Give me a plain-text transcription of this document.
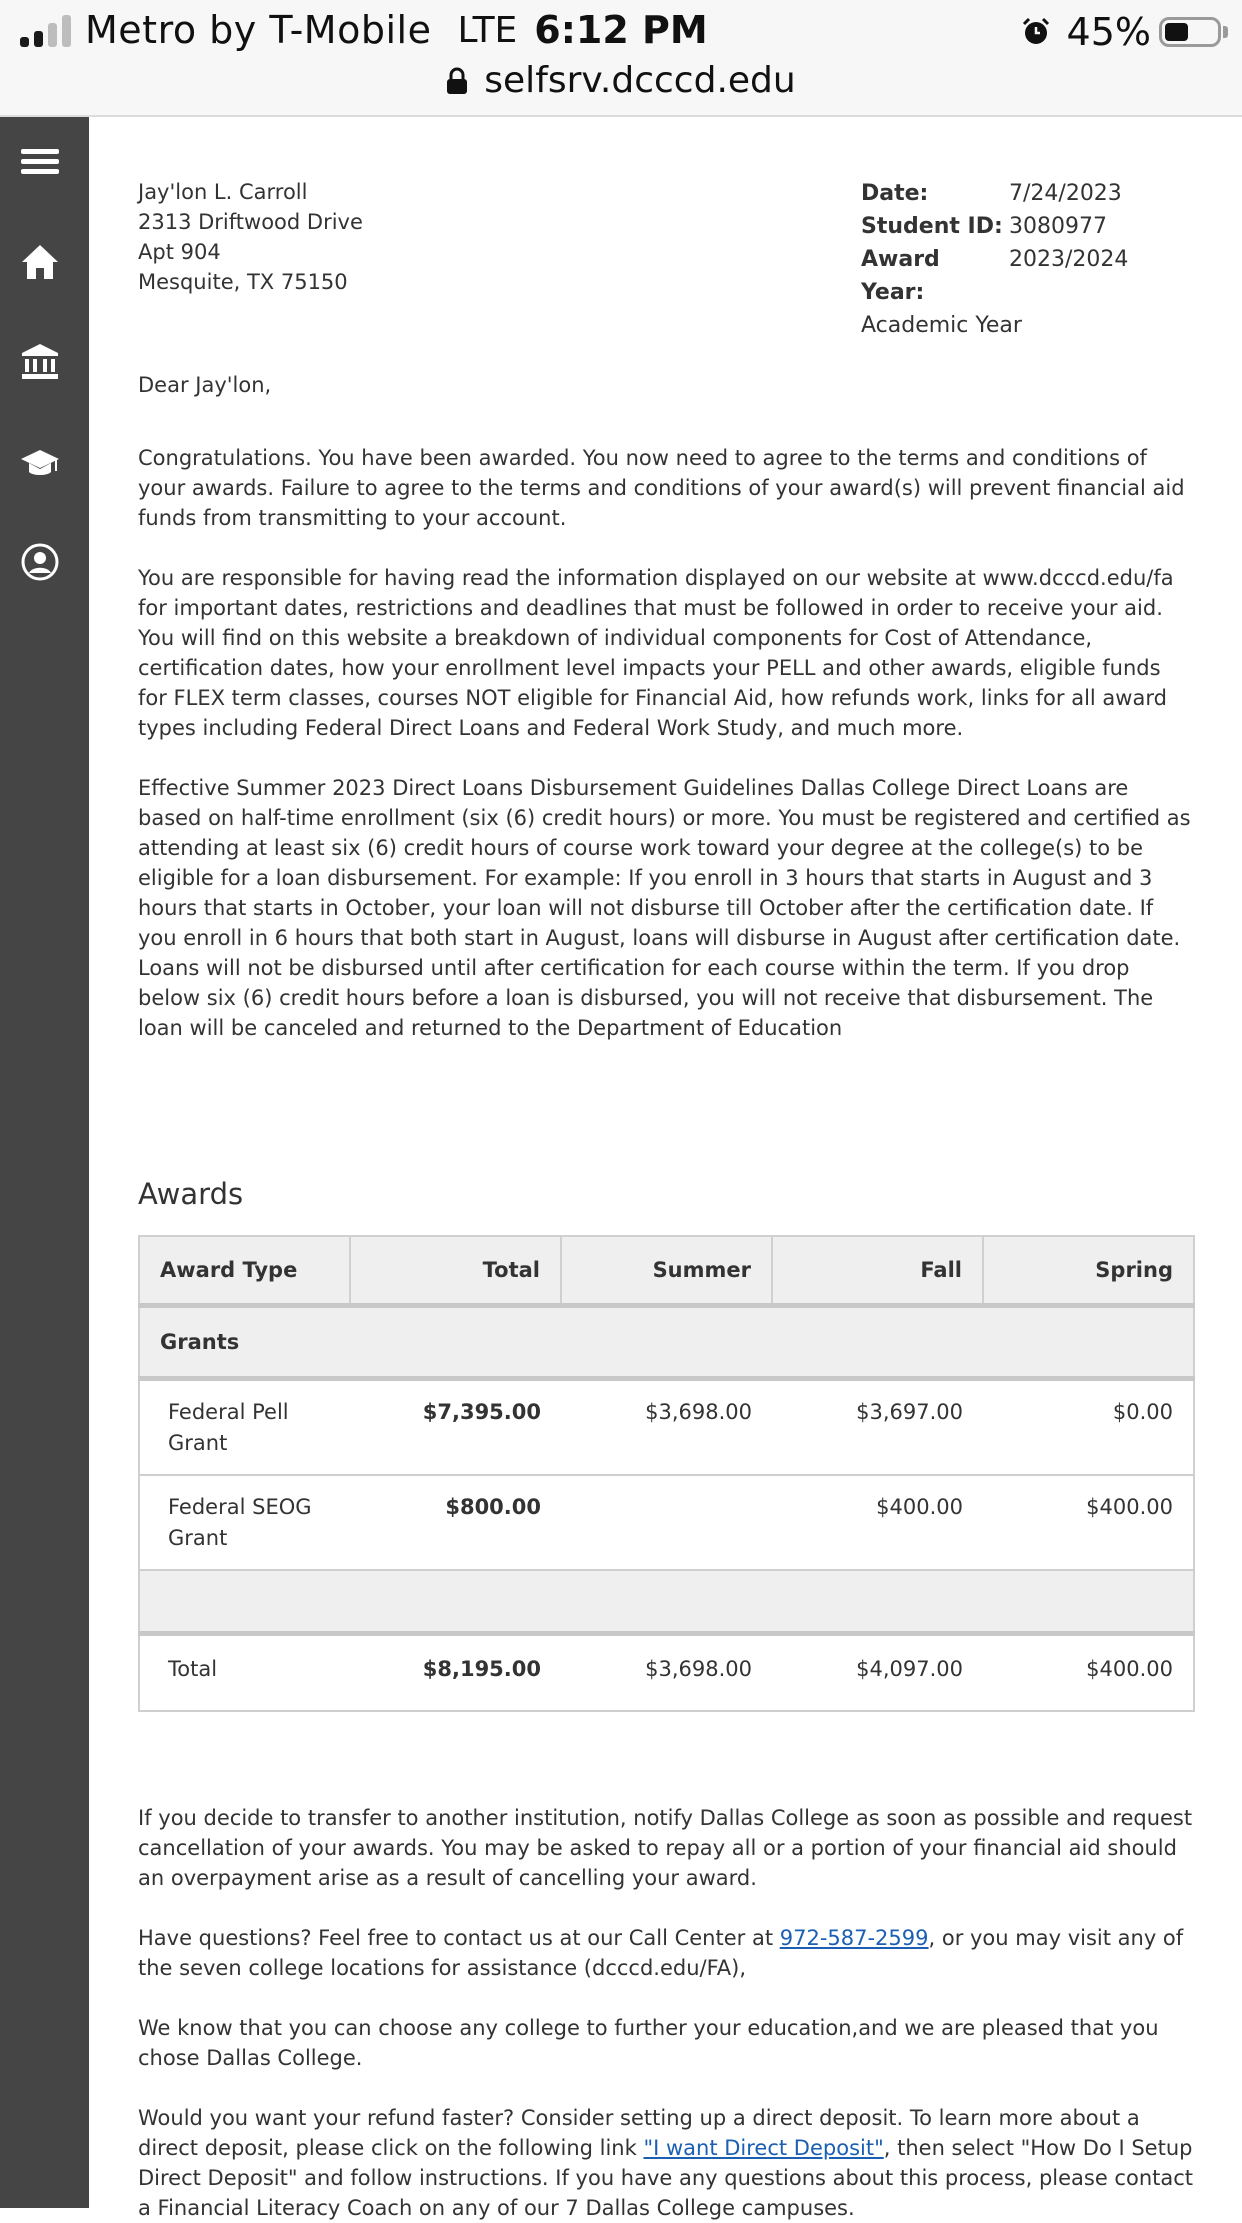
Metro by T-Mobile LTE 6:12 PM	45%
selfsrv.dcccd.edu
Jay'lon L. Carroll
2313 Driftwood Drive
Apt 904
Mesquite, TX 75150
Date:	7/24/2023
Student ID: 3080977
Award Year:
2023/2024
Academic Year
Dear Jay'lon,

Congratulations. You have been awarded. You now need to agree to the terms and conditions of your awards. Failure to agree to the terms and conditions of your award(s) will prevent financial aid funds from transmitting to your account.

You are responsible for having read the information displayed on our website at www.dcccd.edu/fa for important dates, restrictions and deadlines that must be followed in order to receive your aid. You will find on this website a breakdown of individual components for Cost of Attendance, certification dates, how your enrollment level impacts your PELL and other awards, eligible funds for FLEX term classes, courses NOT eligible for Financial Aid, how refunds work, links for all award types including Federal Direct Loans and Federal Work Study, and much more.

Effective Summer 2023 Direct Loans Disbursement Guidelines Dallas College Direct Loans are based on half-time enrollment (six (6) credit hours) or more. You must be registered and certified as attending at least six (6) credit hours of course work toward your degree at the college(s) to be eligible for a loan disbursement. For example: If you enroll in 3 hours that starts in August and 3 hours that starts in October, your loan will not disburse till October after the certification date. If you enroll in 6 hours that both start in August, loans will disburse in August after certification date. Loans will not be disbursed until after certification for each course within the term. If you drop below six (6) credit hours before a loan is disbursed, you will not receive that disbursement. The loan will be canceled and returned to the Department of Education

Awards
Award Type	Total	Summer	Fall	Spring
Grants				
Federal Pell Grant	$7,395.00	$3,698.00	$3,697.00	$0.00
Federal SEOG Grant	$800.00		$400.00	$400.00

Total	$8,195.00	$3,698.00	$4,097.00	$400.00

If you decide to transfer to another institution, notify Dallas College as soon as possible and request cancellation of your awards. You may be asked to repay all or a portion of your financial aid should an overpayment arise as a result of cancelling your award.

Have questions? Feel free to contact us at our Call Center at 972-587-2599, or you may visit any of the seven college locations for assistance (dcccd.edu/FA),

We know that you can choose any college to further your education,and we are pleased that you chose Dallas College.

Would you want your refund faster? Consider setting up a direct deposit. To learn more about a direct deposit, please click on the following link "I want Direct Deposit", then select "How Do I Setup Direct Deposit" and follow instructions. If you have any questions about this process, please contact a Financial Literacy Coach on any of our 7 Dallas College campuses.
